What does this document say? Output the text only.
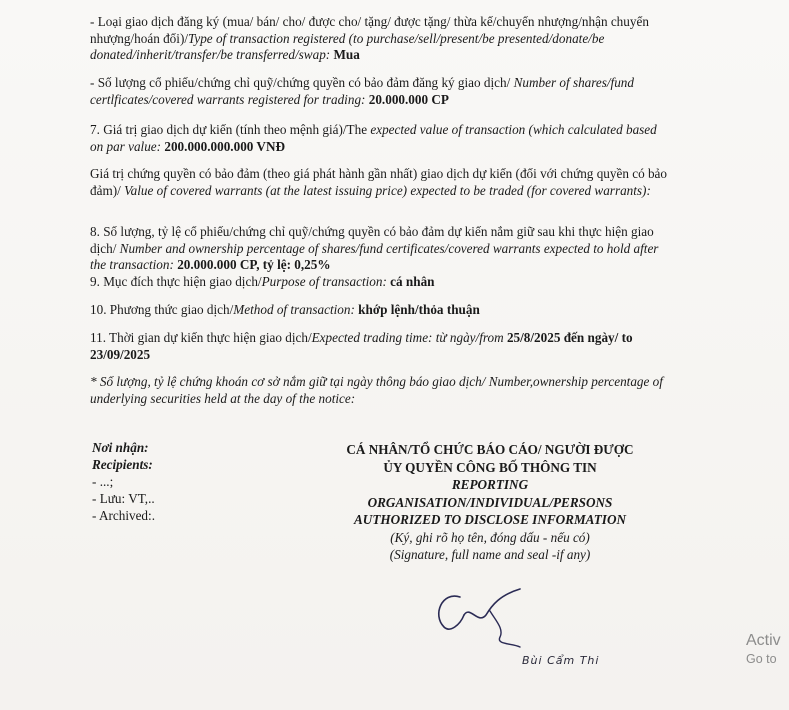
- Loại giao dịch đăng ký (mua/ bán/ cho/ được cho/ tặng/ được tặng/ thừa kế/chuyển nhượng/nhận chuyển nhượng/hoán đổi)/Type of transaction registered (to purchase/sell/present/be presented/donate/be donated/inherit/transfer/be transferred/swap: Mua
- Số lượng cổ phiếu/chứng chỉ quỹ/chứng quyền có bảo đảm đăng ký giao dịch/ Number of shares/fund certlficates/covered warrants registered for trading: 20.000.000 CP
7. Giá trị giao dịch dự kiến (tính theo mệnh giá)/The expected value of transaction (which calculated based on par value: 200.000.000.000 VNĐ
Giá trị chứng quyền có bảo đảm (theo giá phát hành gần nhất) giao dịch dự kiến (đối với chứng quyền có bảo đảm)/ Value of covered warrants (at the latest issuing price) expected to be traded (for covered warrants):
8. Số lượng, tỷ lệ cổ phiếu/chứng chỉ quỹ/chứng quyền có bảo đảm dự kiến nắm giữ sau khi thực hiện giao dịch/ Number and ownership percentage of shares/fund certificates/covered warrants expected to hold after the transaction: 20.000.000 CP, tỷ lệ: 0,25%
9. Mục đích thực hiện giao dịch/Purpose of transaction: cá nhân
10. Phương thức giao dịch/Method of transaction: khớp lệnh/thỏa thuận
11. Thời gian dự kiến thực hiện giao dịch/Expected trading time: từ ngày/from 25/8/2025 đến ngày/ to 23/09/2025
* Số lượng, tỷ lệ chứng khoán cơ sở nắm giữ tại ngày thông báo giao dịch/ Number,ownership percentage of underlying securities held at the day of the notice:
Nơi nhận:
Recipients:
- ...;
- Lưu: VT,..
- Archived:.
CÁ NHÂN/TỔ CHỨC BÁO CÁO/ NGƯỜI ĐƯỢC
ỦY QUYỀN CÔNG BỐ THÔNG TIN
REPORTING
ORGANISATION/INDIVIDUAL/PERSONS
AUTHORIZED TO DISCLOSE INFORMATION
(Ký, ghi rõ họ tên, đóng dấu - nếu có)
(Signature, full name and seal -if any)
Bùi Cẩm Thi
Activ
Go to
